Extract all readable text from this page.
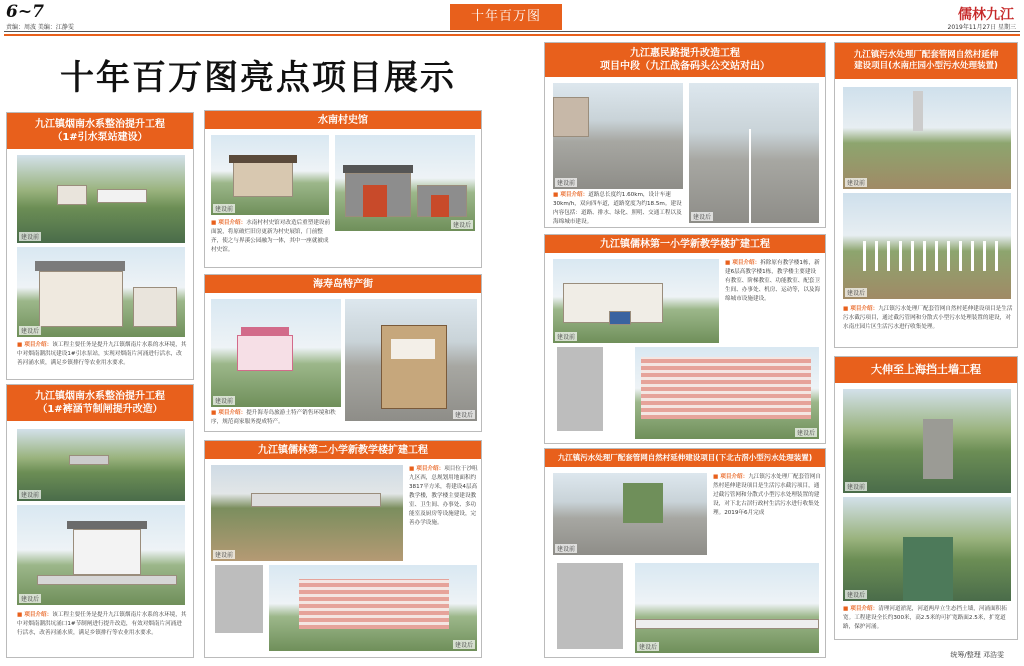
6~7
责编：周波 美编：江静雯
十年百万图	儒林九江
2019年11月27日 星期三
十年百万图亮点项目展示
九江镇烟南水系整治提升工程
（1#引水泵站建设）
建设前
建设后
■ 项目介绍：该工程主要任务是提升九江镇烟南片水系的水环境，其中对烟南潮洪坑建设1#引水泵站，实现对烟南片河涌进行活水，改善河涌水质，满足乡镇排行等农业用水要求。
九江镇烟南水系整治提升工程
（1#裤涵节制闸提升改造）
建设前
建设后
■ 项目介绍：该工程主要任务是提升九江镇烟南片水系的水环境，其中对烟南潮洪坑涌口1#节制闸进行提升改造，有效对烟南片河涌进行活水，改善河涌水质，满足乡镇排行等农业用水要求。
水南村史馆
建设前
建设后
■ 项目介绍：水南村村史馆对改造后重塑建设前面貌，将原破烂旧房更新为村史展馆，门前整齐，使之与界溪公园融为一体，其中一座就被成村史馆。
海寿岛特产街
建设前
建设后
■ 项目介绍：提升海寿岛旅游土特产销售环境和秩序，规范商家服务提成特产。
九江镇儒林第二小学新教学楼扩建工程
建设前
建设后
■ 项目介绍：项目位于沙咀九区西，总规划用地面积约3817平方米，将建设4层高教学楼，教学楼主要建设教室、卫生间、办事处、多功能室及厨房等设施建设，完善办学设施。
九江惠民路提升改造工程
项目中段（九江战备码头公交站对出）
建设前
建设后
■ 项目介绍：道路总长度约1.60km，设计车速30km/h，双向四车道，道路宽度为约18.5m。建设内容包括：道路、排水、绿化、照明、交通工程以及海绵城市建设。
九江镇儒林第一小学新教学楼扩建工程
建设前
■ 项目介绍：拆除原有教学楼1栋，新建6层高教学楼1栋，教学楼主要建设有教室、阶梯教室、功能教室、配套卫生间、办事处、机房、运动等，以及海绵城市设施建设。
建设后
九江镇污水处理厂配套管网自然村延伸建设项目(下北古滘小型污水处理装置)
建设前
■ 项目介绍：九江镇污水处理厂配套管网自然村延伸建设项目是生活污水截污项目，通过截污管网和分散式小型污水处理装置的建设，对下北古滘行政村生活污水进行收集处理。2019年6月完成
建设后
九江镇污水处理厂配套管网自然村延伸
建设项目(水南庄园小型污水处理装置)
建设前
建设后
■ 项目介绍：九江镇污水处理厂配套管网自然村延伸建设项目是生活污水截污项目，通过截污管网和分散式小型污水处理装置的建设，对水南庄园片区生活污水进行收集处理。
大伸至上海挡土墙工程
建设前
建设后
■ 项目介绍：清理河道淤泥，河道两岸立生态挡土墙，河涌面积拓宽。工程建设全长约300米，高2.5米的可扩宽路面2.5米，扩宽道路，保护河涌。
统筹/整理 邓浩雯
